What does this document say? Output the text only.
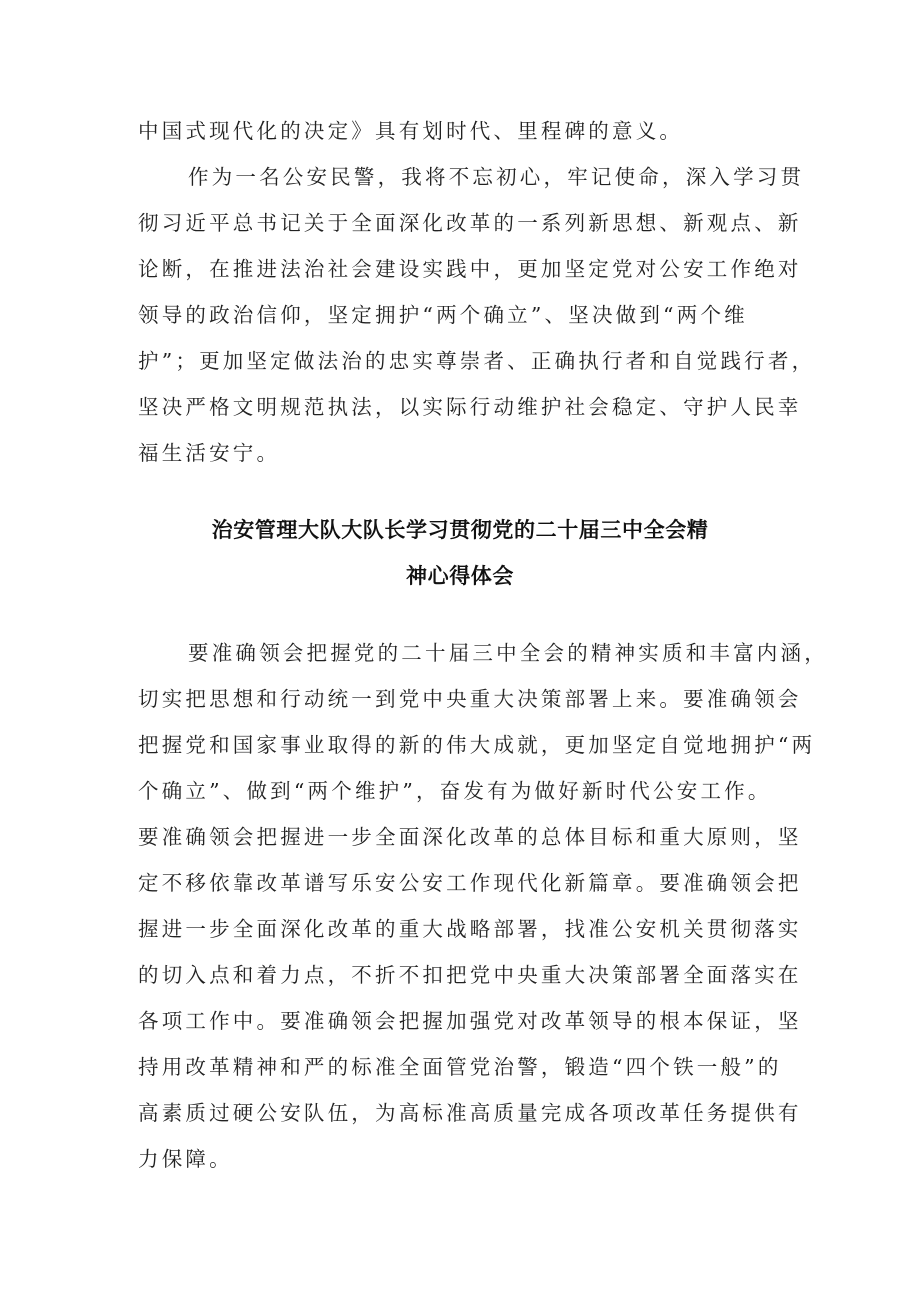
中国式现代化的决定》具有划时代、里程碑的意义。

作为一名公安民警，我将不忘初心，牢记使命，深入学习贯

彻习近平总书记关于全面深化改革的一系列新思想、新观点、新

论断，在推进法治社会建设实践中，更加坚定党对公安工作绝对

领导的政治信仰，坚定拥护“两个确立”、坚决做到“两个维

护”；更加坚定做法治的忠实尊崇者、正确执行者和自觉践行者，

坚决严格文明规范执法，以实际行动维护社会稳定、守护人民幸

福生活安宁。

治安管理大队大队长学习贯彻党的二十届三中全会精

神心得体会

要准确领会把握党的二十届三中全会的精神实质和丰富内涵，

切实把思想和行动统一到党中央重大决策部署上来。要准确领会

把握党和国家事业取得的新的伟大成就，更加坚定自觉地拥护“两

个确立”、做到“两个维护”，奋发有为做好新时代公安工作。

要准确领会把握进一步全面深化改革的总体目标和重大原则，坚

定不移依靠改革谱写乐安公安工作现代化新篇章。要准确领会把

握进一步全面深化改革的重大战略部署，找准公安机关贯彻落实

的切入点和着力点，不折不扣把党中央重大决策部署全面落实在

各项工作中。要准确领会把握加强党对改革领导的根本保证，坚

持用改革精神和严的标准全面管党治警，锻造“四个铁一般”的

高素质过硬公安队伍，为高标准高质量完成各项改革任务提供有

力保障。
